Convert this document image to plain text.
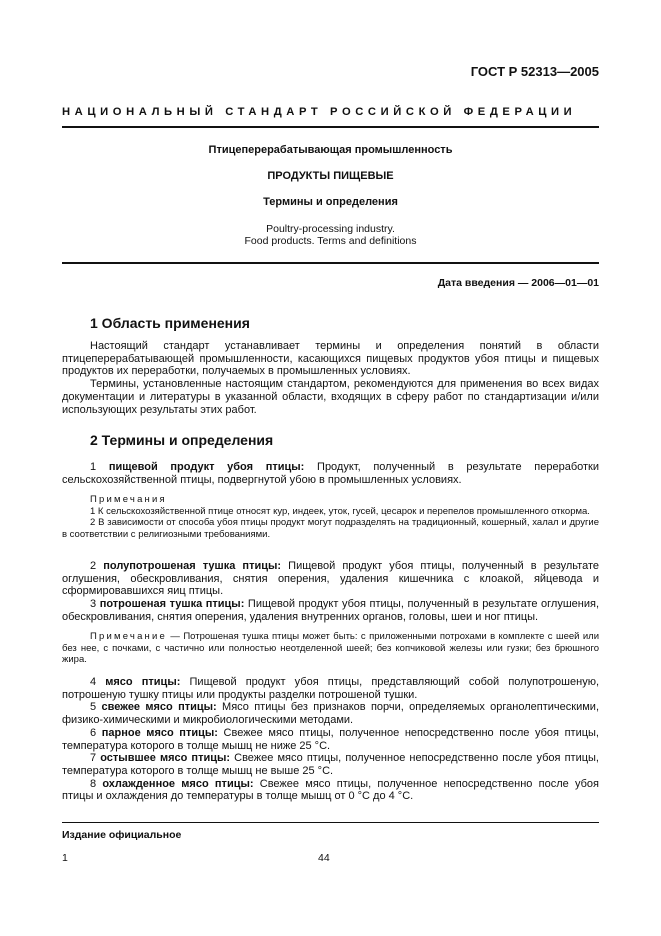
ГОСТ Р 52313—2005
НАЦИОНАЛЬНЫЙ СТАНДАРТ РОССИЙСКОЙ ФЕДЕРАЦИИ
Птицеперерабатывающая промышленность
ПРОДУКТЫ ПИЩЕВЫЕ
Термины и определения
Poultry-processing industry.
Food products. Terms and definitions
Дата введения — 2006—01—01
1 Область применения

Настоящий стандарт устанавливает термины и определения понятий в области птицеперерабатывающей промышленности, касающихся пищевых продуктов убоя птицы и пищевых продуктов их переработки, получаемых в промышленных условиях.

Термины, установленные настоящим стандартом, рекомендуются для применения во всех видах документации и литературы в указанной области, входящих в сферу работ по стандартизации и/или использующих результаты этих работ.

2 Термины и определения

1 пищевой продукт убоя птицы: Продукт, полученный в результате переработки сельскохозяйственной птицы, подвергнутой убою в промышленных условиях.

Примечания

1 К сельскохозяйственной птице относят кур, индеек, уток, гусей, цесарок и перепелов промышленного откорма.

2 В зависимости от способа убоя птицы продукт могут подразделять на традиционный, кошерный, халал и другие в соответствии с религиозными требованиями.

2 полупотрошеная тушка птицы: Пищевой продукт убоя птицы, полученный в результате оглушения, обескровливания, снятия оперения, удаления кишечника с клоакой, яйцевода и сформировавшихся яиц птицы.

3 потрошеная тушка птицы: Пищевой продукт убоя птицы, полученный в результате оглушения, обескровливания, снятия оперения, удаления внутренних органов, головы, шеи и ног птицы.

Примечание — Потрошеная тушка птицы может быть: с приложенными потрохами в комплекте с шеей или без нее, с почками, с частично или полностью неотделенной шеей; без копчиковой железы или гузки; без брюшного жира.

4 мясо птицы: Пищевой продукт убоя птицы, представляющий собой полупотрошеную, потрошеную тушку птицы или продукты разделки потрошеной тушки.

5 свежее мясо птицы: Мясо птицы без признаков порчи, определяемых органолептическими, физико-химическими и микробиологическими методами.

6 парное мясо птицы: Свежее мясо птицы, полученное непосредственно после убоя птицы, температура которого в толще мышц не ниже 25 °С.

7 остывшее мясо птицы: Свежее мясо птицы, полученное непосредственно после убоя птицы, температура которого в толще мышц не выше 25 °С.

8 охлажденное мясо птицы: Свежее мясо птицы, полученное непосредственно после убоя птицы и охлаждения до температуры в толще мышц от 0 °С до 4 °С.

Издание официальное
1	44
